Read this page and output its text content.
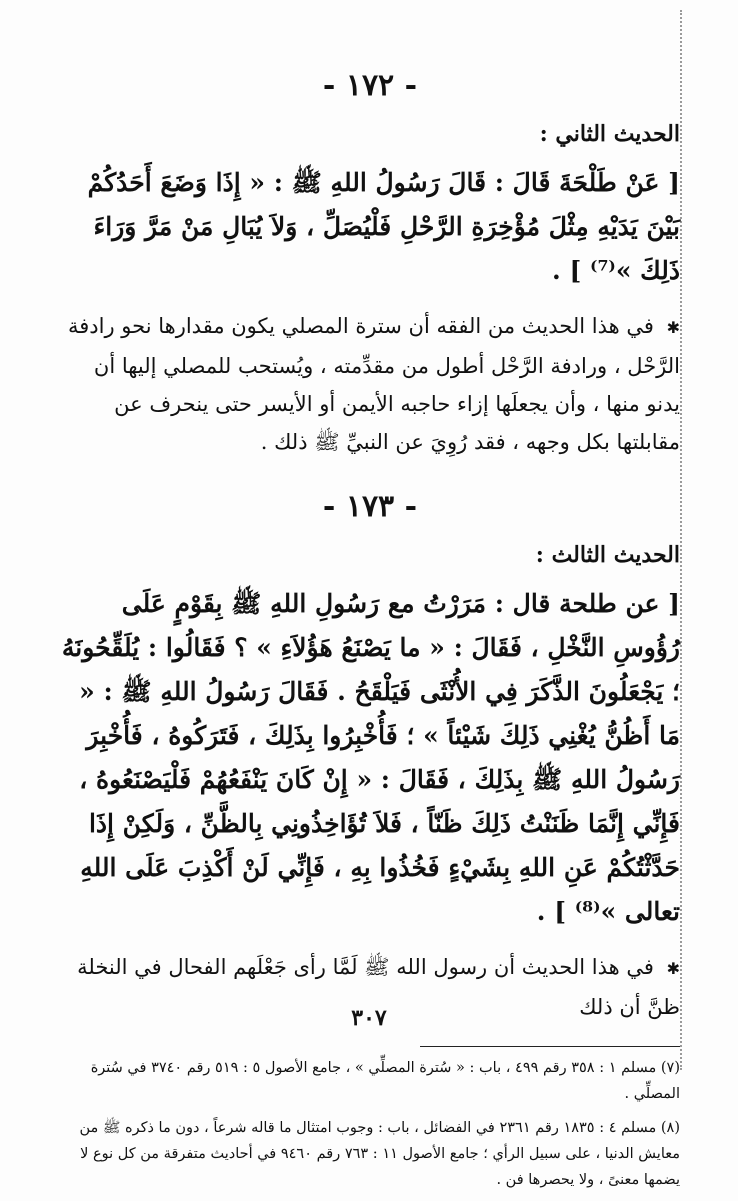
- ١٧٢ -
الحديث الثاني :

[ عَنْ طَلْحَةَ قَالَ : قَالَ رَسُولُ اللهِ ﷺ : « إِذَا وَضَعَ أَحَدُكُمْ بَيْنَ يَدَيْهِ مِثْلَ مُؤْخِرَةِ الرَّحْلِ فَلْيُصَلِّ ، وَلاَ يُبَالِ مَنْ مَرَّ وَرَاءَ ذَلِكَ »⁽⁷⁾ ] .

✱ في هذا الحديث من الفقه أن سترة المصلي يكون مقدارها نحو رادفة الرَّحْل ، ورادفة الرَّحْل أطول من مقدِّمته ، ويُستحب للمصلي إليها أن يدنو منها ، وأن يجعلَها إزاء حاجبه الأيمن أو الأيسر حتى ينحرف عن مقابلتها بكل وجهه ، فقد رُوِيَ عن النبيِّ ﷺ ذلك .

- ١٧٣ -
الحديث الثالث :

[ عن طلحة قال : مَرَرْتُ مع رَسُولِ اللهِ ﷺ بِقَوْمٍ عَلَى رُؤُوسِ النَّخْلِ ، فَقَالَ : « ما يَصْنَعُ هَؤُلاَءِ » ؟ فَقَالُوا : يُلَقِّحُونَهُ ؛ يَجْعَلُونَ الذَّكَرَ فِي الأُنْثَى فَيَلْقَحُ . فَقَالَ رَسُولُ اللهِ ﷺ : « مَا أَظُنُّ يُغْنِي ذَلِكَ شَيْئاً » ؛ فَأُخْبِرُوا بِذَلِكَ ، فَتَرَكُوهُ ، فَأُخْبِرَ رَسُولُ اللهِ ﷺ بِذَلِكَ ، فَقَالَ : « إِنْ كَانَ يَنْفَعُهُمْ فَلْيَصْنَعُوهُ ، فَإِنِّي إِنَّمَا ظَنَنْتُ ذَلِكَ ظَنّاً ، فَلاَ تُؤَاخِذُونِي بِالظَّنِّ ، وَلَكِنْ إِذَا حَدَّثْتُكُمْ عَنِ اللهِ بِشَيْءٍ فَخُذُوا بِهِ ، فَإِنِّي لَنْ أَكْذِبَ عَلَى اللهِ تعالى »⁽⁸⁾ ] .

✱ في هذا الحديث أن رسول الله ﷺ لَمَّا رأى جَعْلَهم الفحال في النخلة ظنَّ أن ذلك

(٧) مسلم ١ : ٣٥٨ رقم ٤٩٩ ، باب : « سُترة المصلِّي » ، جامع الأصول ٥ : ٥١٩ رقم ٣٧٤٠ في سُترة المصلِّي .

(٨) مسلم ٤ : ١٨٣٥ رقم ٢٣٦١ في الفضائل ، باب : وجوب امتثال ما قاله شرعاً ، دون ما ذكره ﷺ من معايش الدنيا ، على سبيل الرأي ؛ جامع الأصول ١١ : ٧٦٣ رقم ٩٤٦٠ في أحاديث متفرقة من كل نوع لا يضمها معنىً ، ولا يحصرها فن .

٣٠٧
